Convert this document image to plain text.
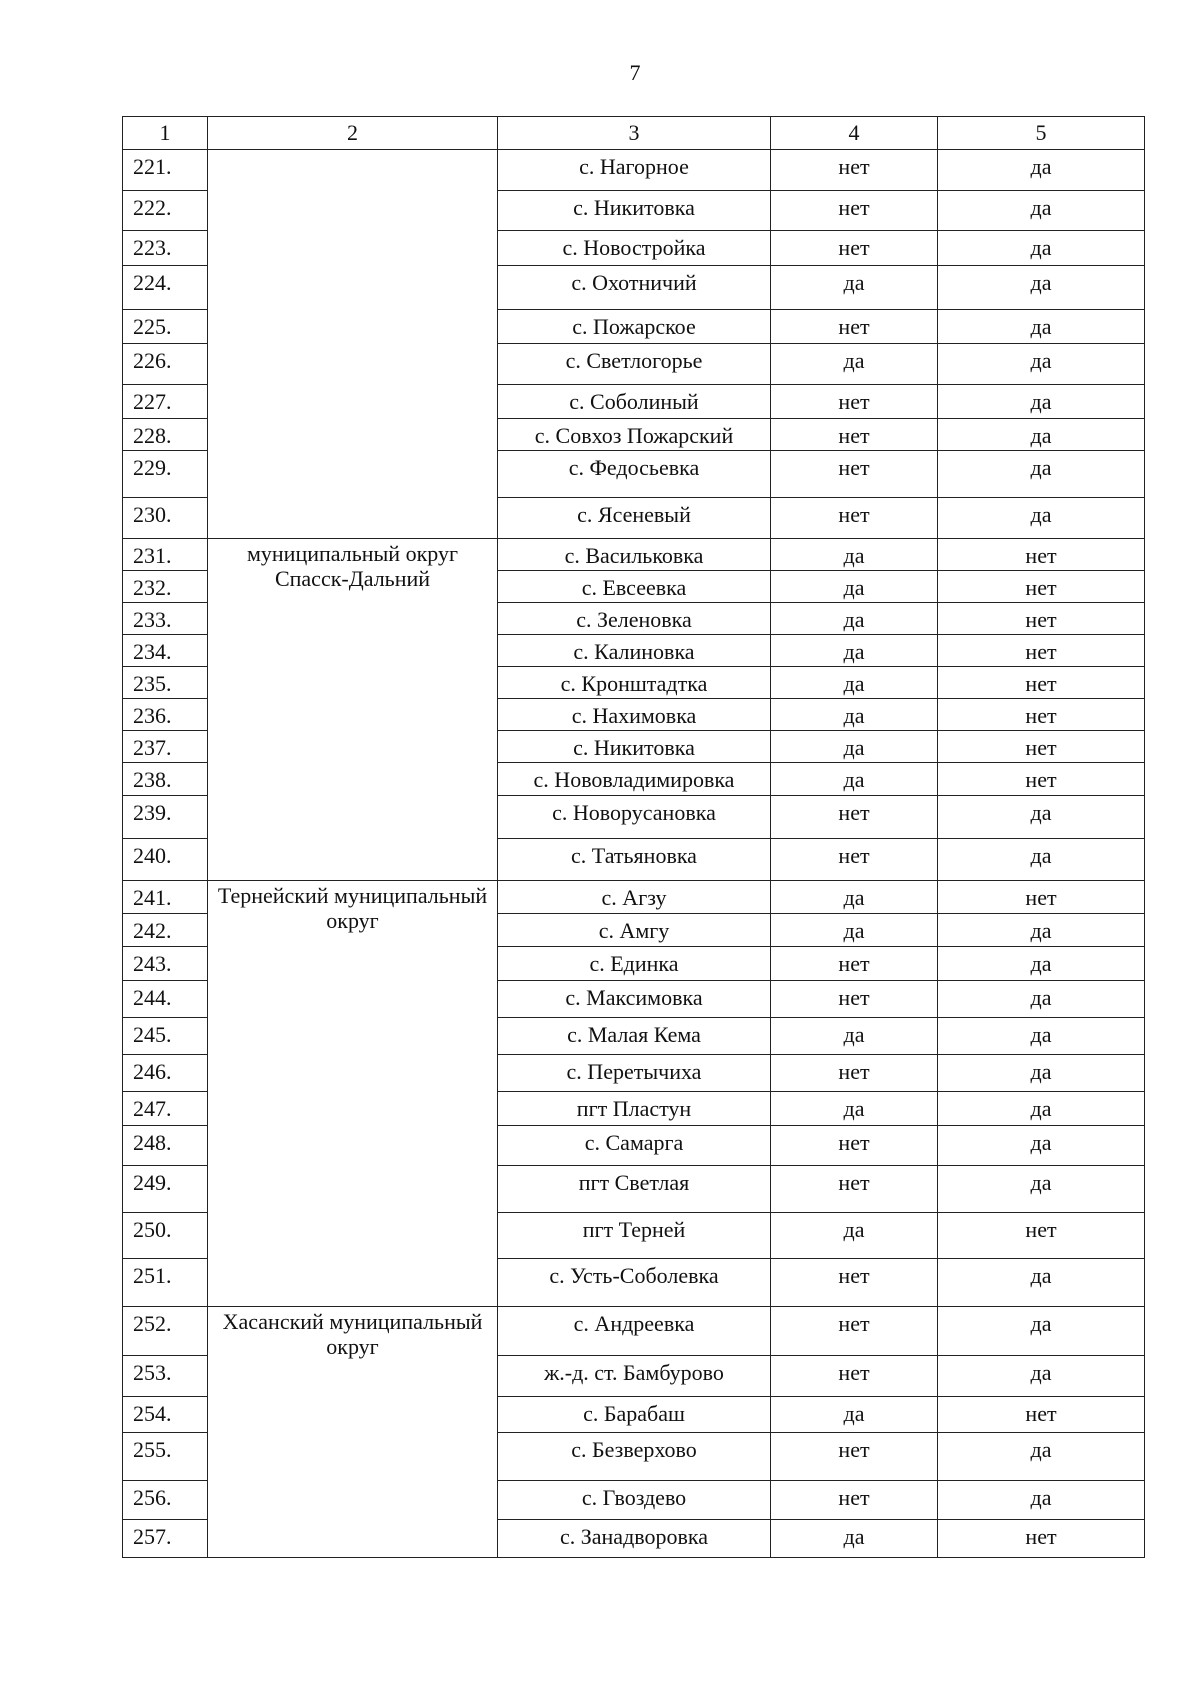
7
1	2	3	4	5
221.		с. Нагорное	нет	да
222.		с. Никитовка	нет	да
223.		с. Новостройка	нет	да
224.		с. Охотничий	да	да
225.		с. Пожарское	нет	да
226.		с. Светлогорье	да	да
227.		с. Соболиный	нет	да
228.		с. Совхоз Пожарский	нет	да
229.		с. Федосьевка	нет	да
230.		с. Ясеневый	нет	да
231.	муниципальный округ Спасск-Дальний	с. Васильковка	да	нет
232.		с. Евсеевка	да	нет
233.		с. Зеленовка	да	нет
234.		с. Калиновка	да	нет
235.		с. Кронштадтка	да	нет
236.		с. Нахимовка	да	нет
237.		с. Никитовка	да	нет
238.		с. Нововладимировка	да	нет
239.		с. Новорусановка	нет	да
240.		с. Татьяновка	нет	да
241.	Тернейский муниципальный округ	с. Агзу	да	нет
242.		с. Амгу	да	да
243.		с. Единка	нет	да
244.		с. Максимовка	нет	да
245.		с. Малая Кема	да	да
246.		с. Перетычиха	нет	да
247.		пгт Пластун	да	да
248.		с. Самарга	нет	да
249.		пгт Светлая	нет	да
250.		пгт Терней	да	нет
251.		с. Усть-Соболевка	нет	да
252.	Хасанский муниципальный округ	с. Андреевка	нет	да
253.		ж.-д. ст. Бамбурово	нет	да
254.		с. Барабаш	да	нет
255.		с. Безверхово	нет	да
256.		с. Гвоздево	нет	да
257.		с. Занадворовка	да	нет
